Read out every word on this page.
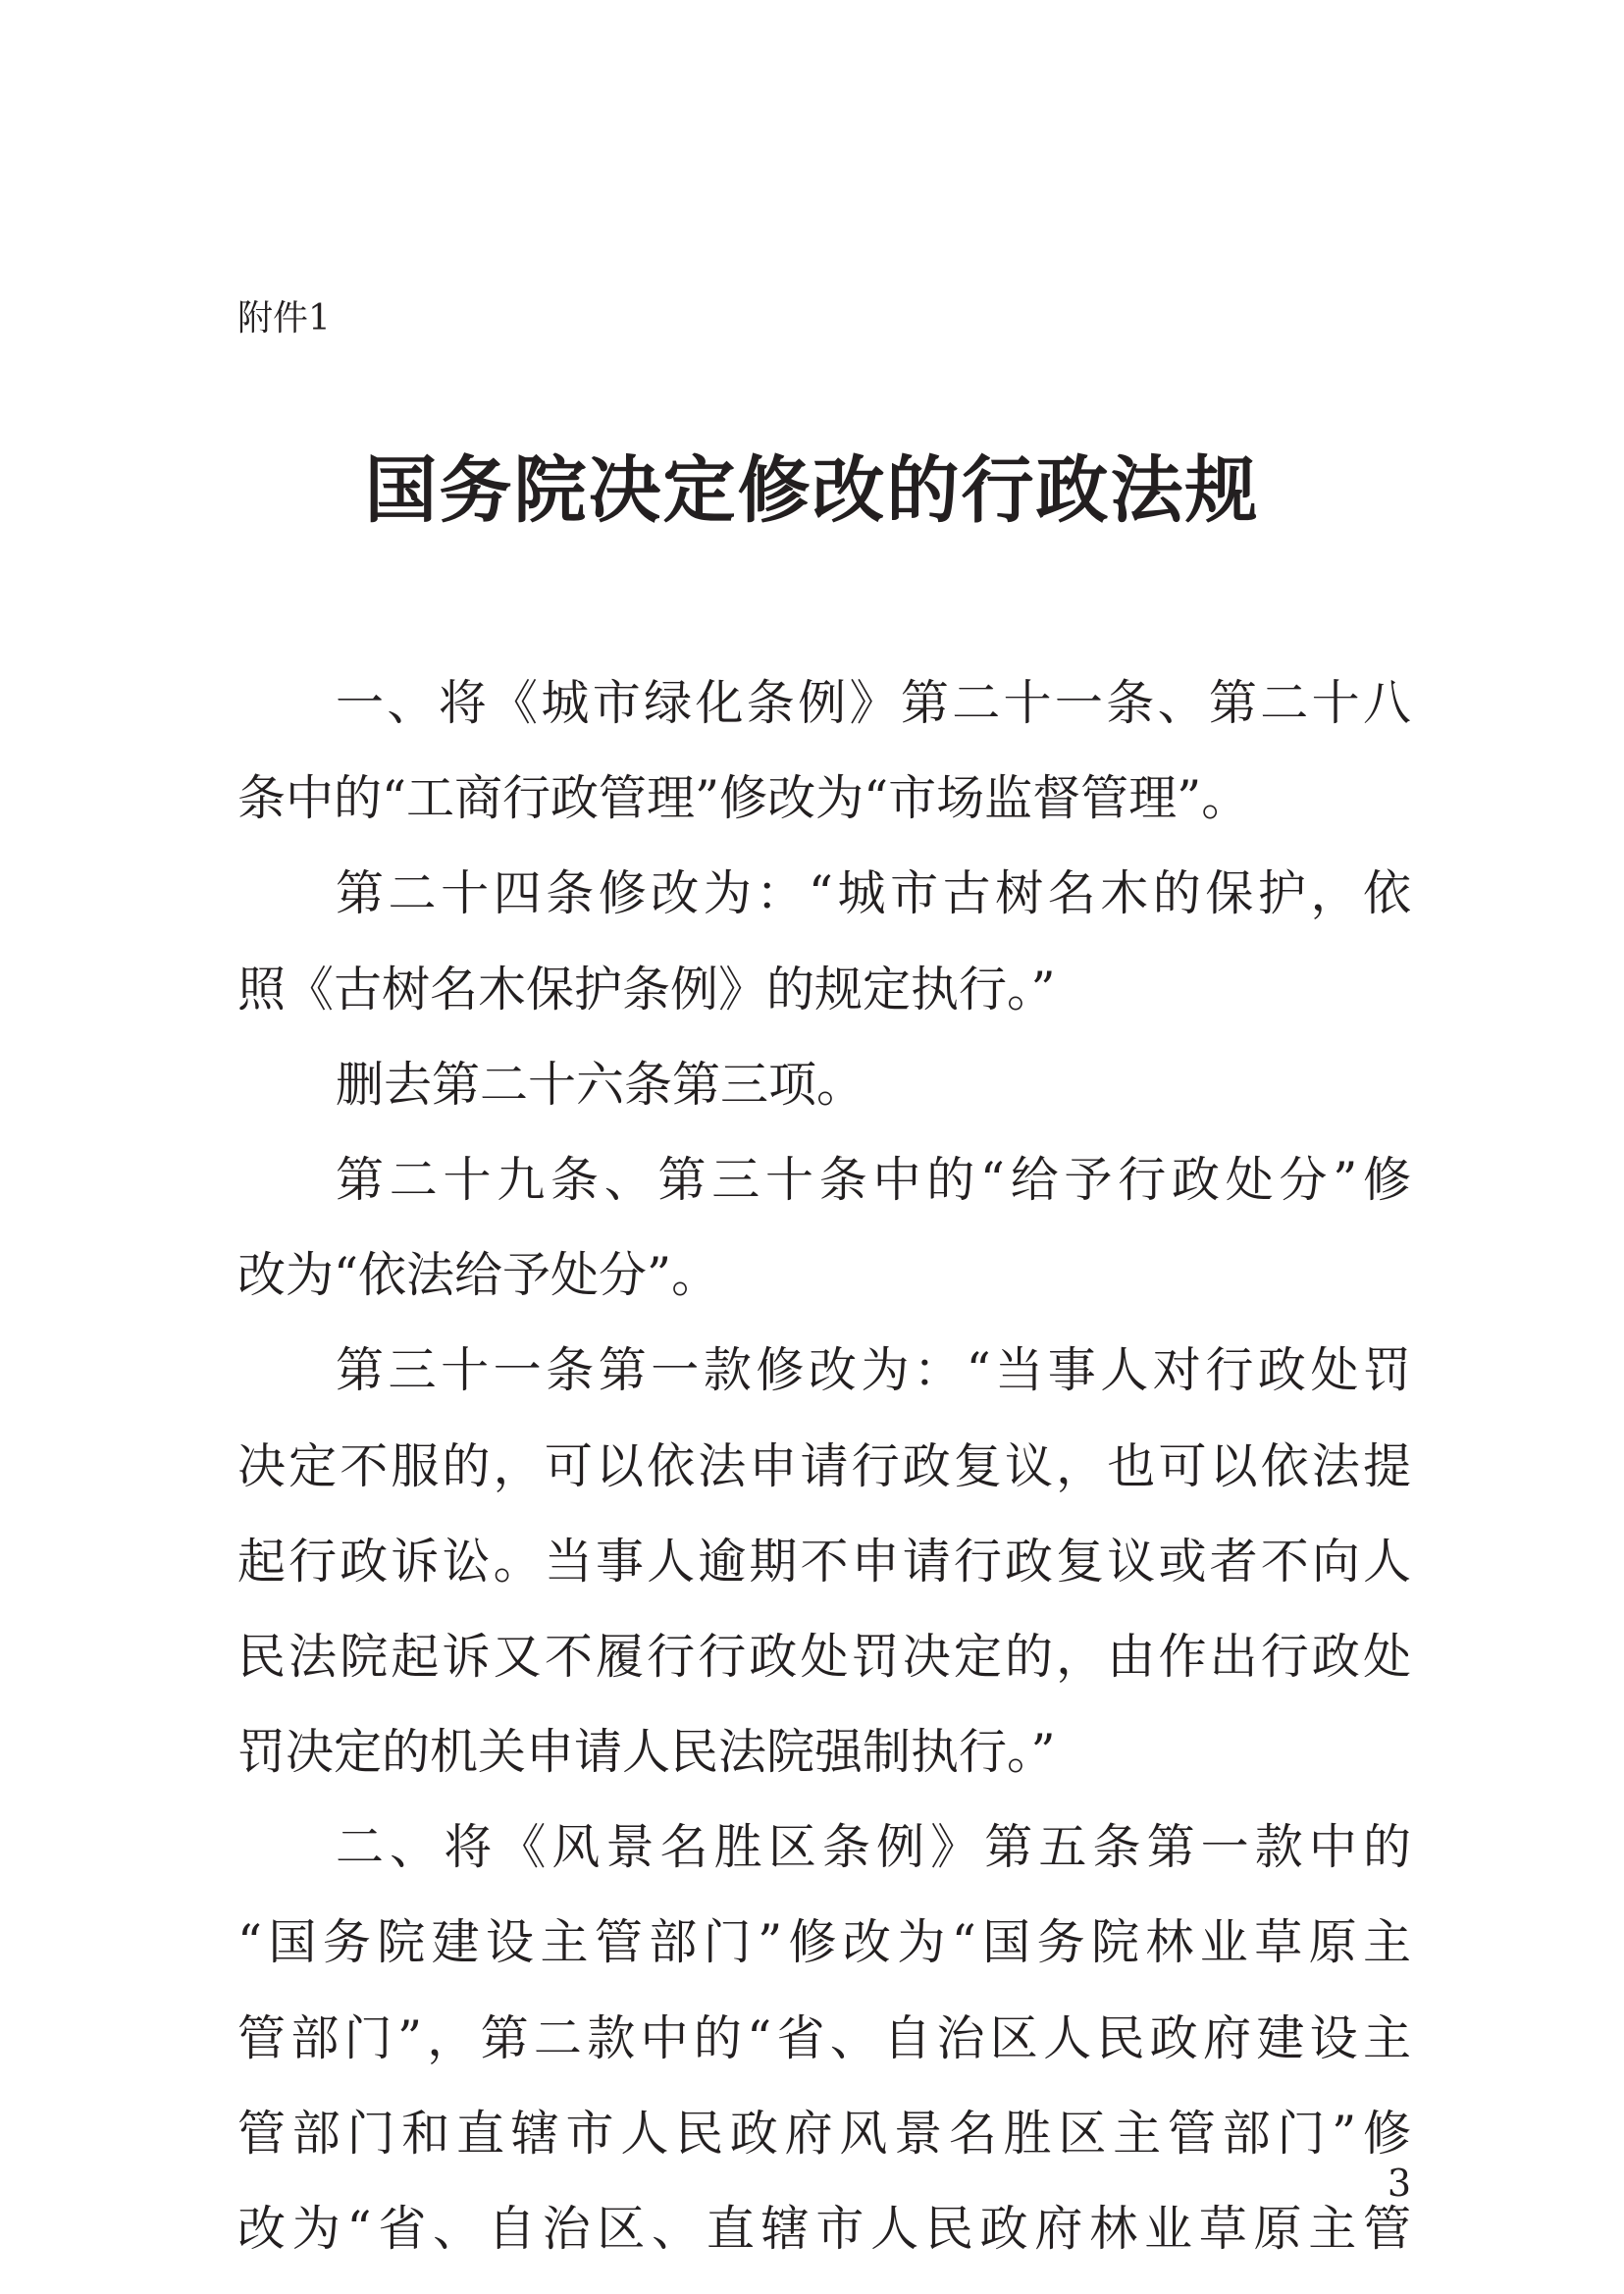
附件1

国务院决定修改的行政法规
一、将《城市绿化条例》第二十一条、第二十八
条中的“工商行政管理”修改为“市场监督管理”。
第二十四条修改为：“城市古树名木的保护，依
照《古树名木保护条例》的规定执行。”
删去第二十六条第三项。
第二十九条、第三十条中的“给予行政处分”修
改为“依法给予处分”。
第三十一条第一款修改为：“当事人对行政处罚
决定不服的，可以依法申请行政复议，也可以依法提
起行政诉讼。当事人逾期不申请行政复议或者不向人
民法院起诉又不履行行政处罚决定的，由作出行政处
罚决定的机关申请人民法院强制执行。”
二、将《风景名胜区条例》第五条第一款中的
“国务院建设主管部门”修改为“国务院林业草原主
管部门”，第二款中的“省、自治区人民政府建设主
管部门和直辖市人民政府风景名胜区主管部门”修
改为“省、自治区、直辖市人民政府林业草原主管

3
